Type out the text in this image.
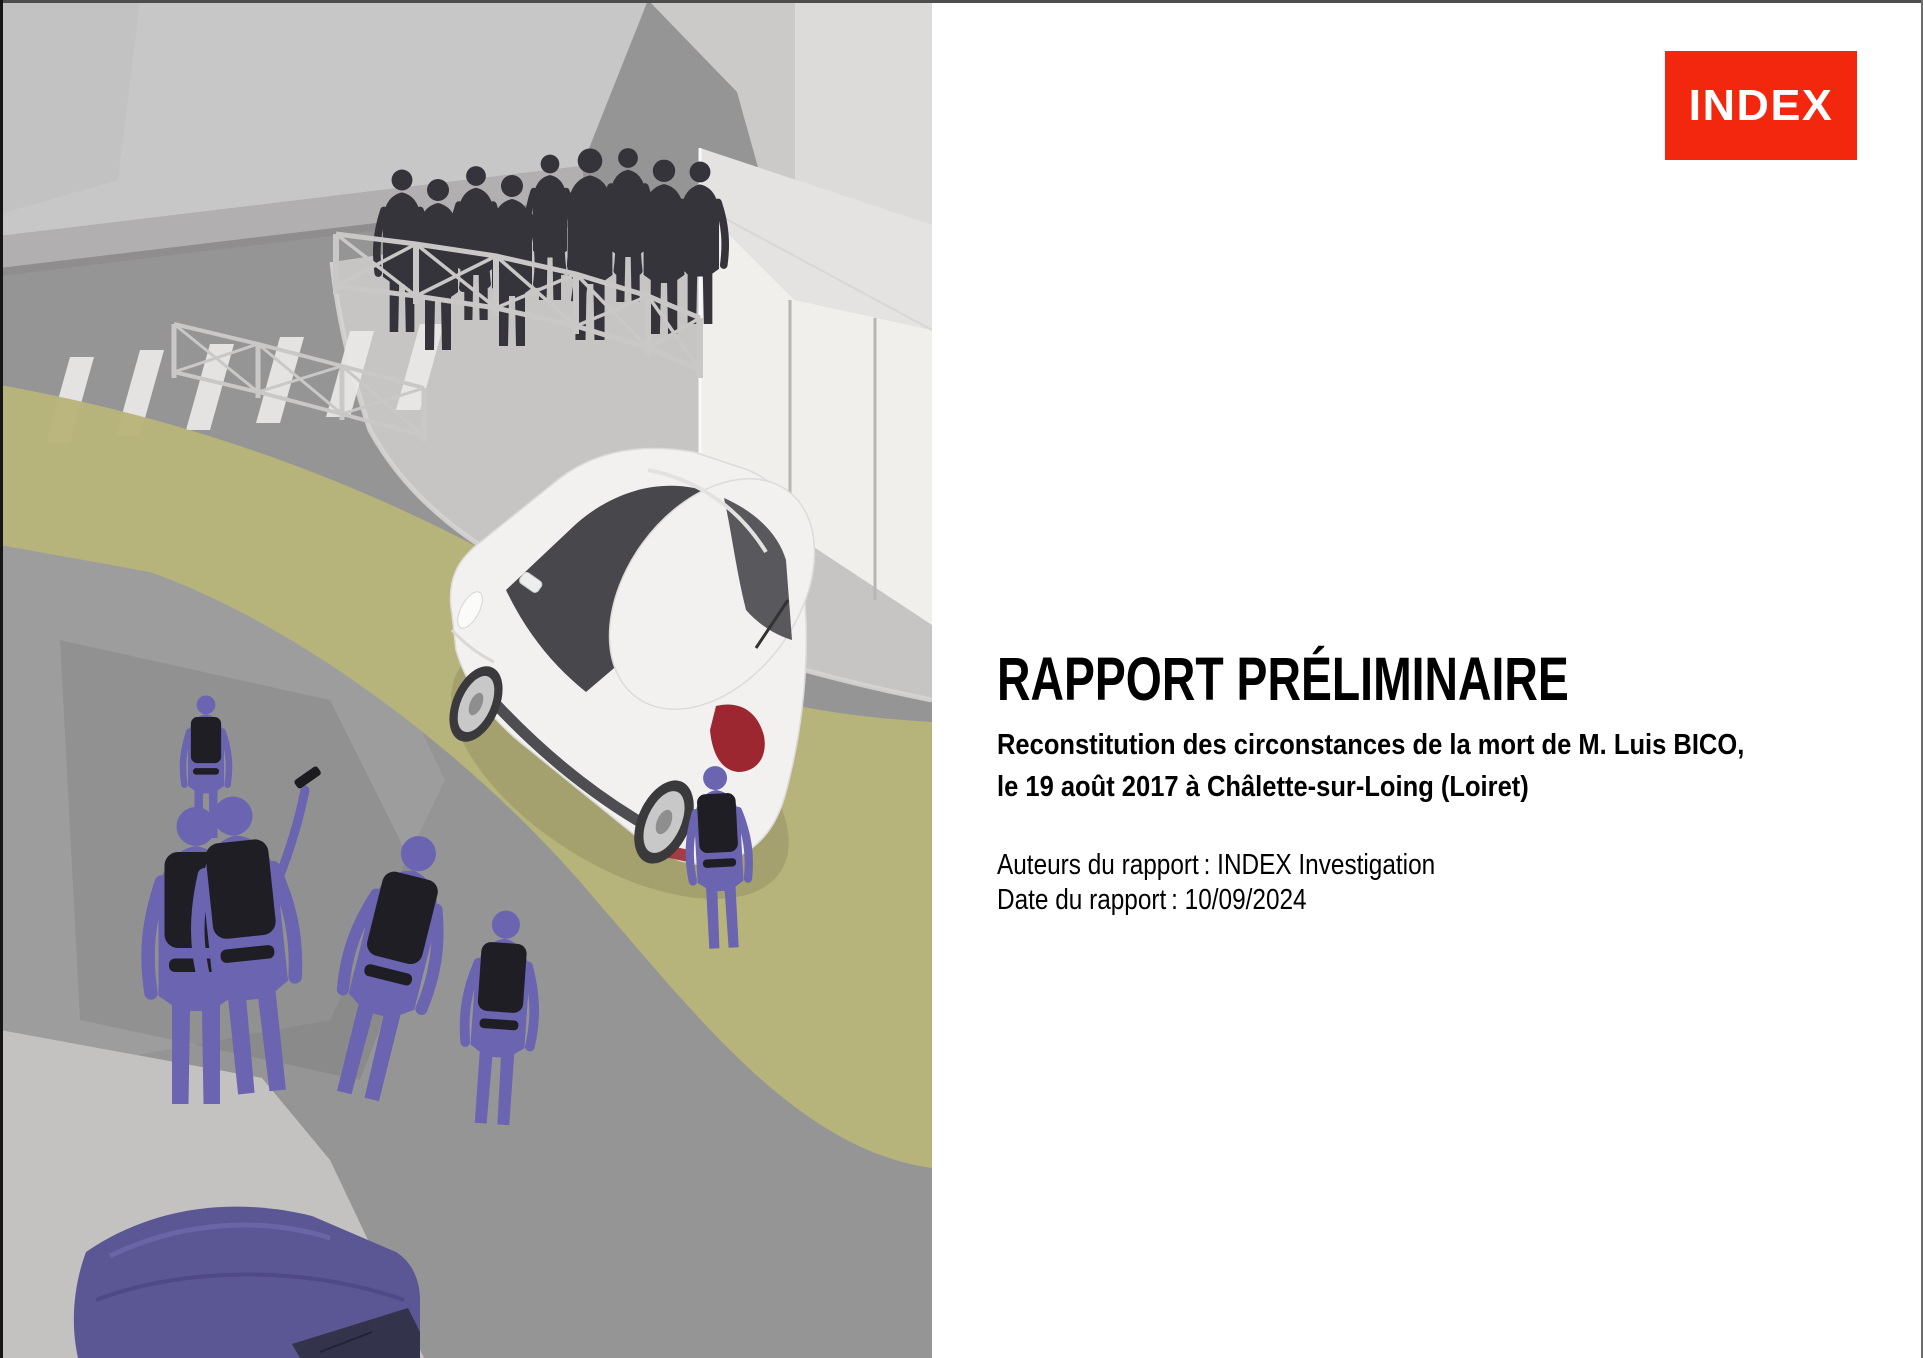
INDEX
RAPPORT PRÉLIMINAIRE
Reconstitution des circonstances de la mort de M. Luis BICO,
le 19 août 2017 à Châlette-sur-Loing (Loiret)
Auteurs du rapport : INDEX Investigation
Date du rapport : 10/09/2024
